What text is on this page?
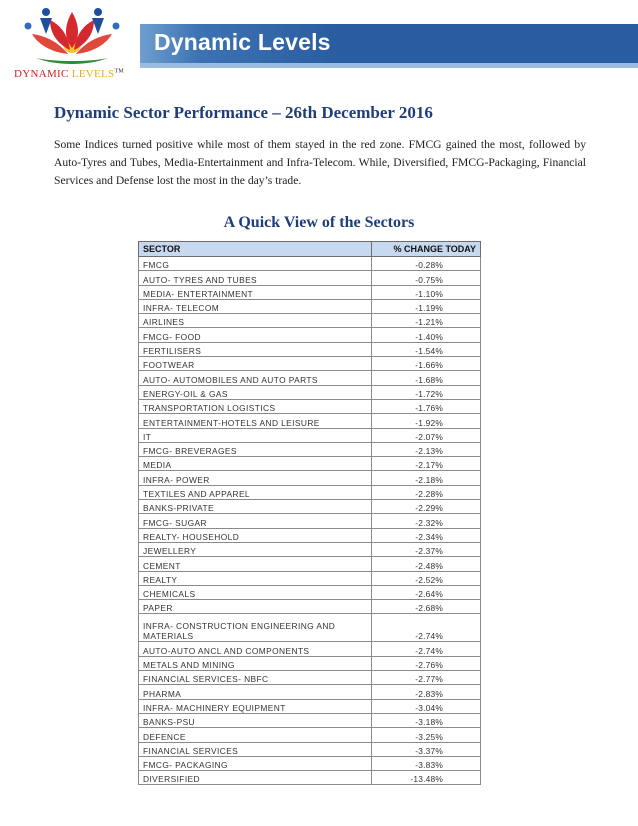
DYNAMIC LEVELS™
Dynamic Levels
Dynamic Sector Performance – 26th December 2016

Some Indices turned positive while most of them stayed in the red zone. FMCG gained the most, followed by Auto-Tyres and Tubes, Media-Entertainment and Infra-Telecom. While, Diversified, FMCG-Packaging, Financial Services and Defense lost the most in the day’s trade.

A Quick View of the Sectors
SECTOR	% CHANGE TODAY
FMCG	-0.28%
AUTO- TYRES AND TUBES	-0.75%
MEDIA- ENTERTAINMENT	-1.10%
INFRA- TELECOM	-1.19%
AIRLINES	-1.21%
FMCG- FOOD	-1.40%
FERTILISERS	-1.54%
FOOTWEAR	-1.66%
AUTO- AUTOMOBILES AND AUTO PARTS	-1.68%
ENERGY-OIL & GAS	-1.72%
TRANSPORTATION LOGISTICS	-1.76%
ENTERTAINMENT-HOTELS AND LEISURE	-1.92%
IT	-2.07%
FMCG- BREVERAGES	-2.13%
MEDIA	-2.17%
INFRA- POWER	-2.18%
TEXTILES AND APPAREL	-2.28%
BANKS-PRIVATE	-2.29%
FMCG- SUGAR	-2.32%
REALTY- HOUSEHOLD	-2.34%
JEWELLERY	-2.37%
CEMENT	-2.48%
REALTY	-2.52%
CHEMICALS	-2.64%
PAPER	-2.68%
INFRA- CONSTRUCTION ENGINEERING AND MATERIALS	-2.74%
AUTO-AUTO ANCL AND COMPONENTS	-2.74%
METALS AND MINING	-2.76%
FINANCIAL SERVICES- NBFC	-2.77%
PHARMA	-2.83%
INFRA- MACHINERY EQUIPMENT	-3.04%
BANKS-PSU	-3.18%
DEFENCE	-3.25%
FINANCIAL SERVICES	-3.37%
FMCG- PACKAGING	-3.83%
DIVERSIFIED	-13.48%
